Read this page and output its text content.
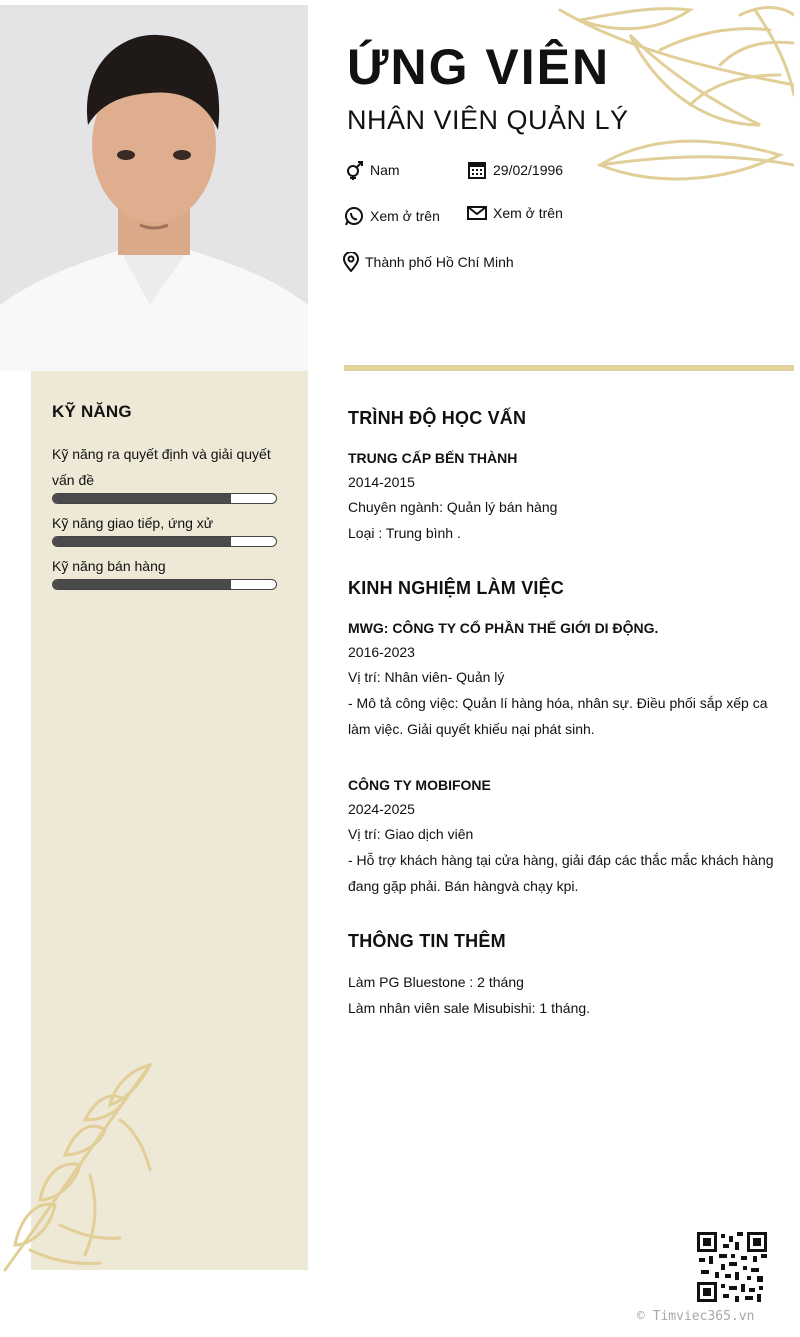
ỨNG VIÊN
NHÂN VIÊN QUẢN LÝ
Nam	29/02/1996
Xem ở trên	Xem ở trên
Thành phố Hồ Chí Minh
KỸ NĂNG
Kỹ năng ra quyết định và giải quyết vấn đề
Kỹ năng giao tiếp, ứng xử
Kỹ năng bán hàng
TRÌNH ĐỘ HỌC VẤN
TRUNG CẤP BẾN THÀNH
2014-2015
Chuyên ngành: Quản lý bán hàng
Loại : Trung bình .
KINH NGHIỆM LÀM VIỆC
MWG: CÔNG TY CỔ PHẦN THẾ GIỚI DI ĐỘNG.
2016-2023
Vị trí: Nhân viên- Quản lý
- Mô tả công việc: Quản lí hàng hóa, nhân sự. Điều phối sắp xếp ca
làm việc. Giải quyết khiếu nại phát sinh.
CÔNG TY MOBIFONE
2024-2025
Vị trí: Giao dịch viên
- Hỗ trợ khách hàng tại cửa hàng, giải đáp các thắc mắc khách hàng
đang gặp phải. Bán hàngvà chạy kpi.
THÔNG TIN THÊM
Làm PG Bluestone : 2 tháng
Làm nhân viên sale Misubishi: 1 tháng.
© Timviec365.vn
